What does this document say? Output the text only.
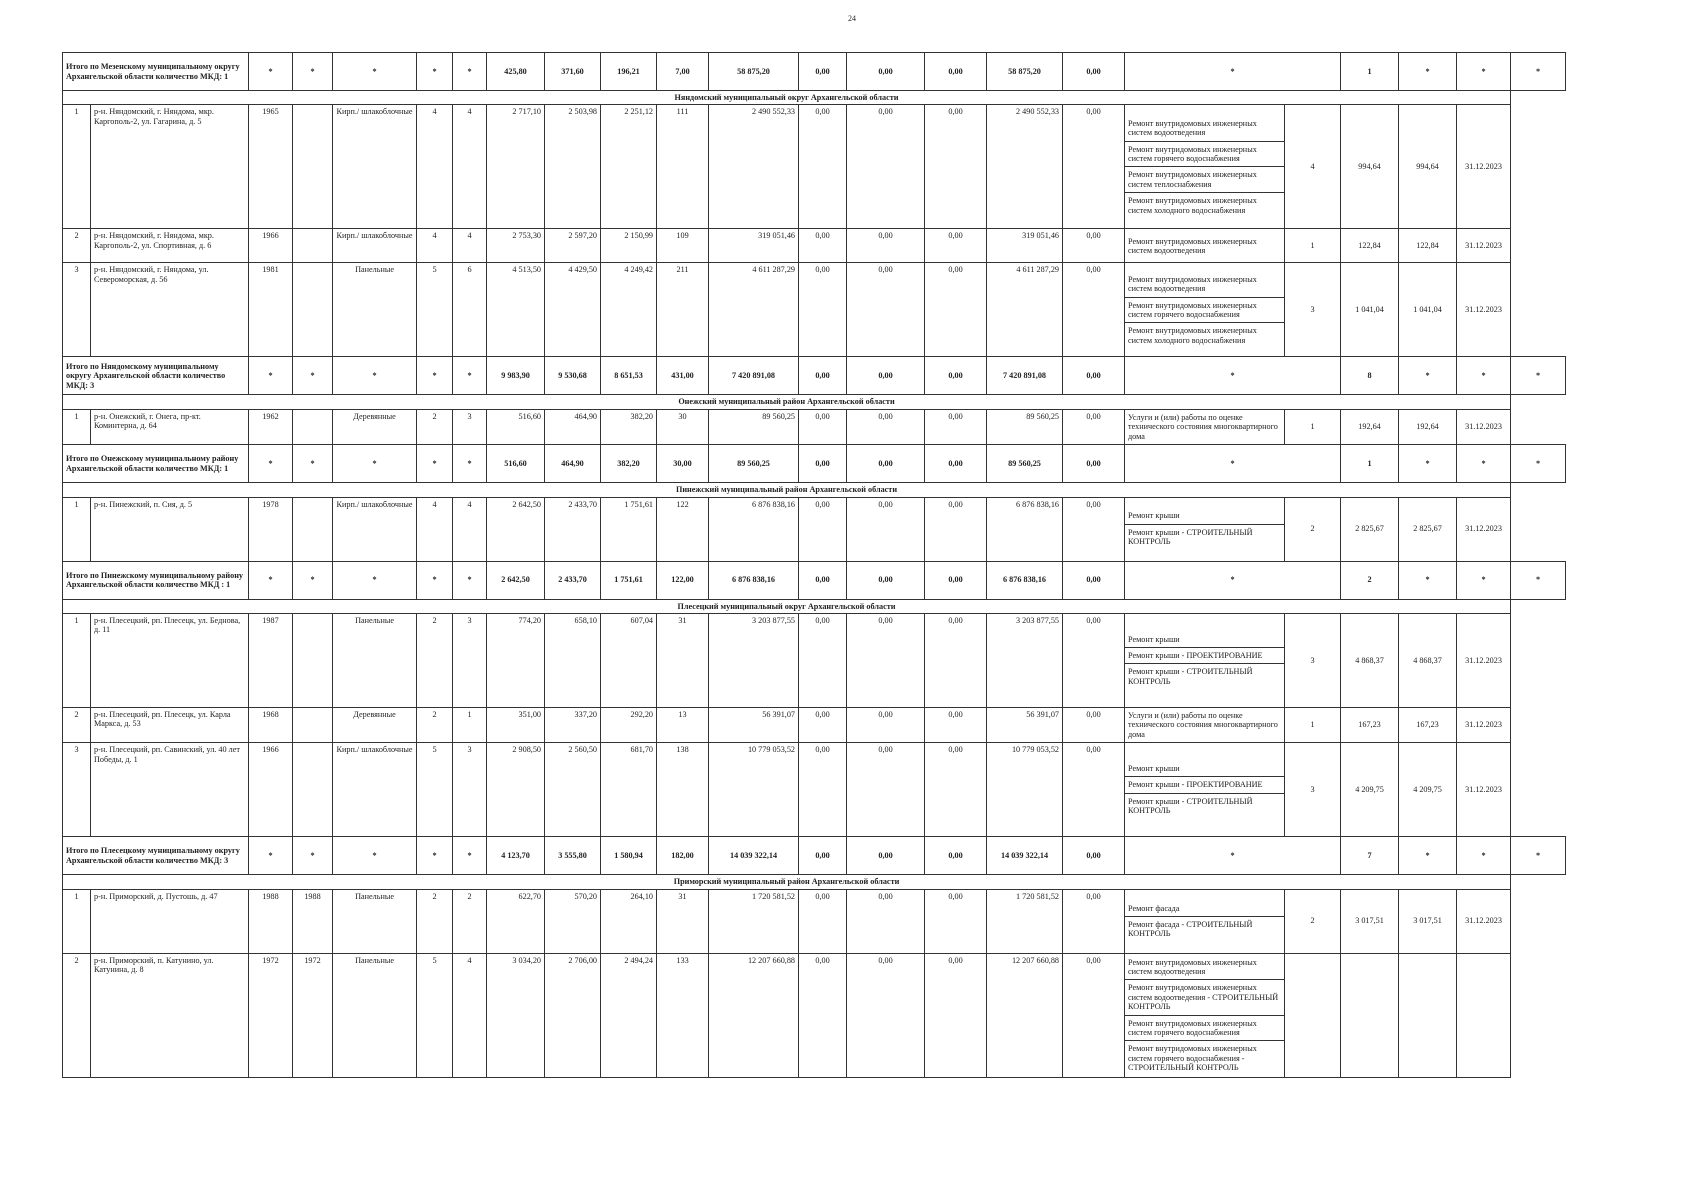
24
Итого по Мезенскому муниципальному округу Архангельской области количество МКД: 1		*	*	*	*	*	425,80	371,60	196,21	7,00	58 875,20	0,00	0,00	0,00	58 875,20	0,00	*		1	*	*	*
Няндомский муниципальный округ Архангельской области																						
1	р-н. Няндомский, г. Няндома, мкр. Каргополь-2, ул. Гагарина, д. 5	1965		Кирп./ шлакоблочные	4	4	2 717,10	2 503,98	2 251,12	111	2 490 552,33	0,00	0,00	0,00	2 490 552,33	0,00	Ремонт внутридомовых инженерных систем водоотведения
Ремонт внутридомовых инженерных систем горячего водоснабжения
Ремонт внутридомовых инженерных систем теплоснабжения
Ремонт внутридомовых инженерных систем холодного водоснабжения	4	994,64	994,64	31.12.2023	
2	р-н. Няндомский, г. Няндома, мкр. Каргополь-2, ул. Спортивная, д. 6	1966		Кирп./ шлакоблочные	4	4	2 753,30	2 597,20	2 150,99	109	319 051,46	0,00	0,00	0,00	319 051,46	0,00	Ремонт внутридомовых инженерных систем водоотведения	1	122,84	122,84	31.12.2023	
3	р-н. Няндомский, г. Няндома, ул. Североморская, д. 56	1981		Панельные	5	6	4 513,50	4 429,50	4 249,42	211	4 611 287,29	0,00	0,00	0,00	4 611 287,29	0,00	Ремонт внутридомовых инженерных систем водоотведения
Ремонт внутридомовых инженерных систем горячего водоснабжения
Ремонт внутридомовых инженерных систем холодного водоснабжения	3	1 041,04	1 041,04	31.12.2023	
Итого по Няндомскому муниципальному округу Архангельской области количество МКД: 3		*	*	*	*	*	9 983,90	9 530,68	8 651,53	431,00	7 420 891,08	0,00	0,00	0,00	7 420 891,08	0,00	*		8	*	*	*
Онежский муниципальный район Архангельской области																						
1	р-н. Онежский, г. Онега, пр-кт. Коминтерна, д. 64	1962		Деревянные	2	3	516,60	464,90	382,20	30	89 560,25	0,00	0,00	0,00	89 560,25	0,00	Услуги и (или) работы по оценке технического состояния многоквартирного дома	1	192,64	192,64	31.12.2023	
Итого по Онежскому муниципальному району Архангельской области количество МКД: 1		*	*	*	*	*	516,60	464,90	382,20	30,00	89 560,25	0,00	0,00	0,00	89 560,25	0,00	*		1	*	*	*
Пинежский муниципальный район Архангельской области																						
1	р-н. Пинежский, п. Сия, д. 5	1978		Кирп./ шлакоблочные	4	4	2 642,50	2 433,70	1 751,61	122	6 876 838,16	0,00	0,00	0,00	6 876 838,16	0,00	Ремонт крыши
Ремонт крыши - СТРОИТЕЛЬНЫЙ КОНТРОЛЬ	2	2 825,67	2 825,67	31.12.2023	
Итого по Пинежскому муниципальному району Архангельской области количество МКД : 1		*	*	*	*	*	2 642,50	2 433,70	1 751,61	122,00	6 876 838,16	0,00	0,00	0,00	6 876 838,16	0,00	*		2	*	*	*
Плесецкий муниципальный округ Архангельской области																						
1	р-н. Плесецкий, рп. Плесецк, ул. Беднова, д. 11	1987		Панельные	2	3	774,20	658,10	607,04	31	3 203 877,55	0,00	0,00	0,00	3 203 877,55	0,00	Ремонт крыши
Ремонт крыши - ПРОЕКТИРОВАНИЕ
Ремонт крыши - СТРОИТЕЛЬНЫЙ КОНТРОЛЬ	3	4 868,37	4 868,37	31.12.2023	
2	р-н. Плесецкий, рп. Плесецк, ул. Карла Маркса, д. 53	1968		Деревянные	2	1	351,00	337,20	292,20	13	56 391,07	0,00	0,00	0,00	56 391,07	0,00	Услуги и (или) работы по оценке технического состояния многоквартирного дома	1	167,23	167,23	31.12.2023	
3	р-н. Плесецкий, рп. Савинский, ул. 40 лет Победы, д. 1	1966		Кирп./ шлакоблочные	5	3	2 908,50	2 560,50	681,70	138	10 779 053,52	0,00	0,00	0,00	10 779 053,52	0,00	Ремонт крыши
Ремонт крыши - ПРОЕКТИРОВАНИЕ
Ремонт крыши - СТРОИТЕЛЬНЫЙ КОНТРОЛЬ	3	4 209,75	4 209,75	31.12.2023	
Итого по Плесецкому муниципальному округу Архангельской области количество МКД: 3		*	*	*	*	*	4 123,70	3 555,80	1 580,94	182,00	14 039 322,14	0,00	0,00	0,00	14 039 322,14	0,00	*		7	*	*	*
Приморский муниципальный район Архангельской области																						
1	р-н. Приморский, д. Пустошь, д. 47	1988	1988	Панельные	2	2	622,70	570,20	264,10	31	1 720 581,52	0,00	0,00	0,00	1 720 581,52	0,00	Ремонт фасада
Ремонт фасада - СТРОИТЕЛЬНЫЙ КОНТРОЛЬ	2	3 017,51	3 017,51	31.12.2023	
2	р-н. Приморский, п. Катунино, ул. Катунина, д. 8	1972	1972	Панельные	5	4	3 034,20	2 706,00	2 494,24	133	12 207 660,88	0,00	0,00	0,00	12 207 660,88	0,00	Ремонт внутридомовых инженерных систем водоотведения
Ремонт внутридомовых инженерных систем водоотведения - СТРОИТЕЛЬНЫЙ КОНТРОЛЬ
Ремонт внутридомовых инженерных систем горячего водоснабжения
Ремонт внутридомовых инженерных систем горячего водоснабжения - СТРОИТЕЛЬНЫЙ КОНТРОЛЬ					
